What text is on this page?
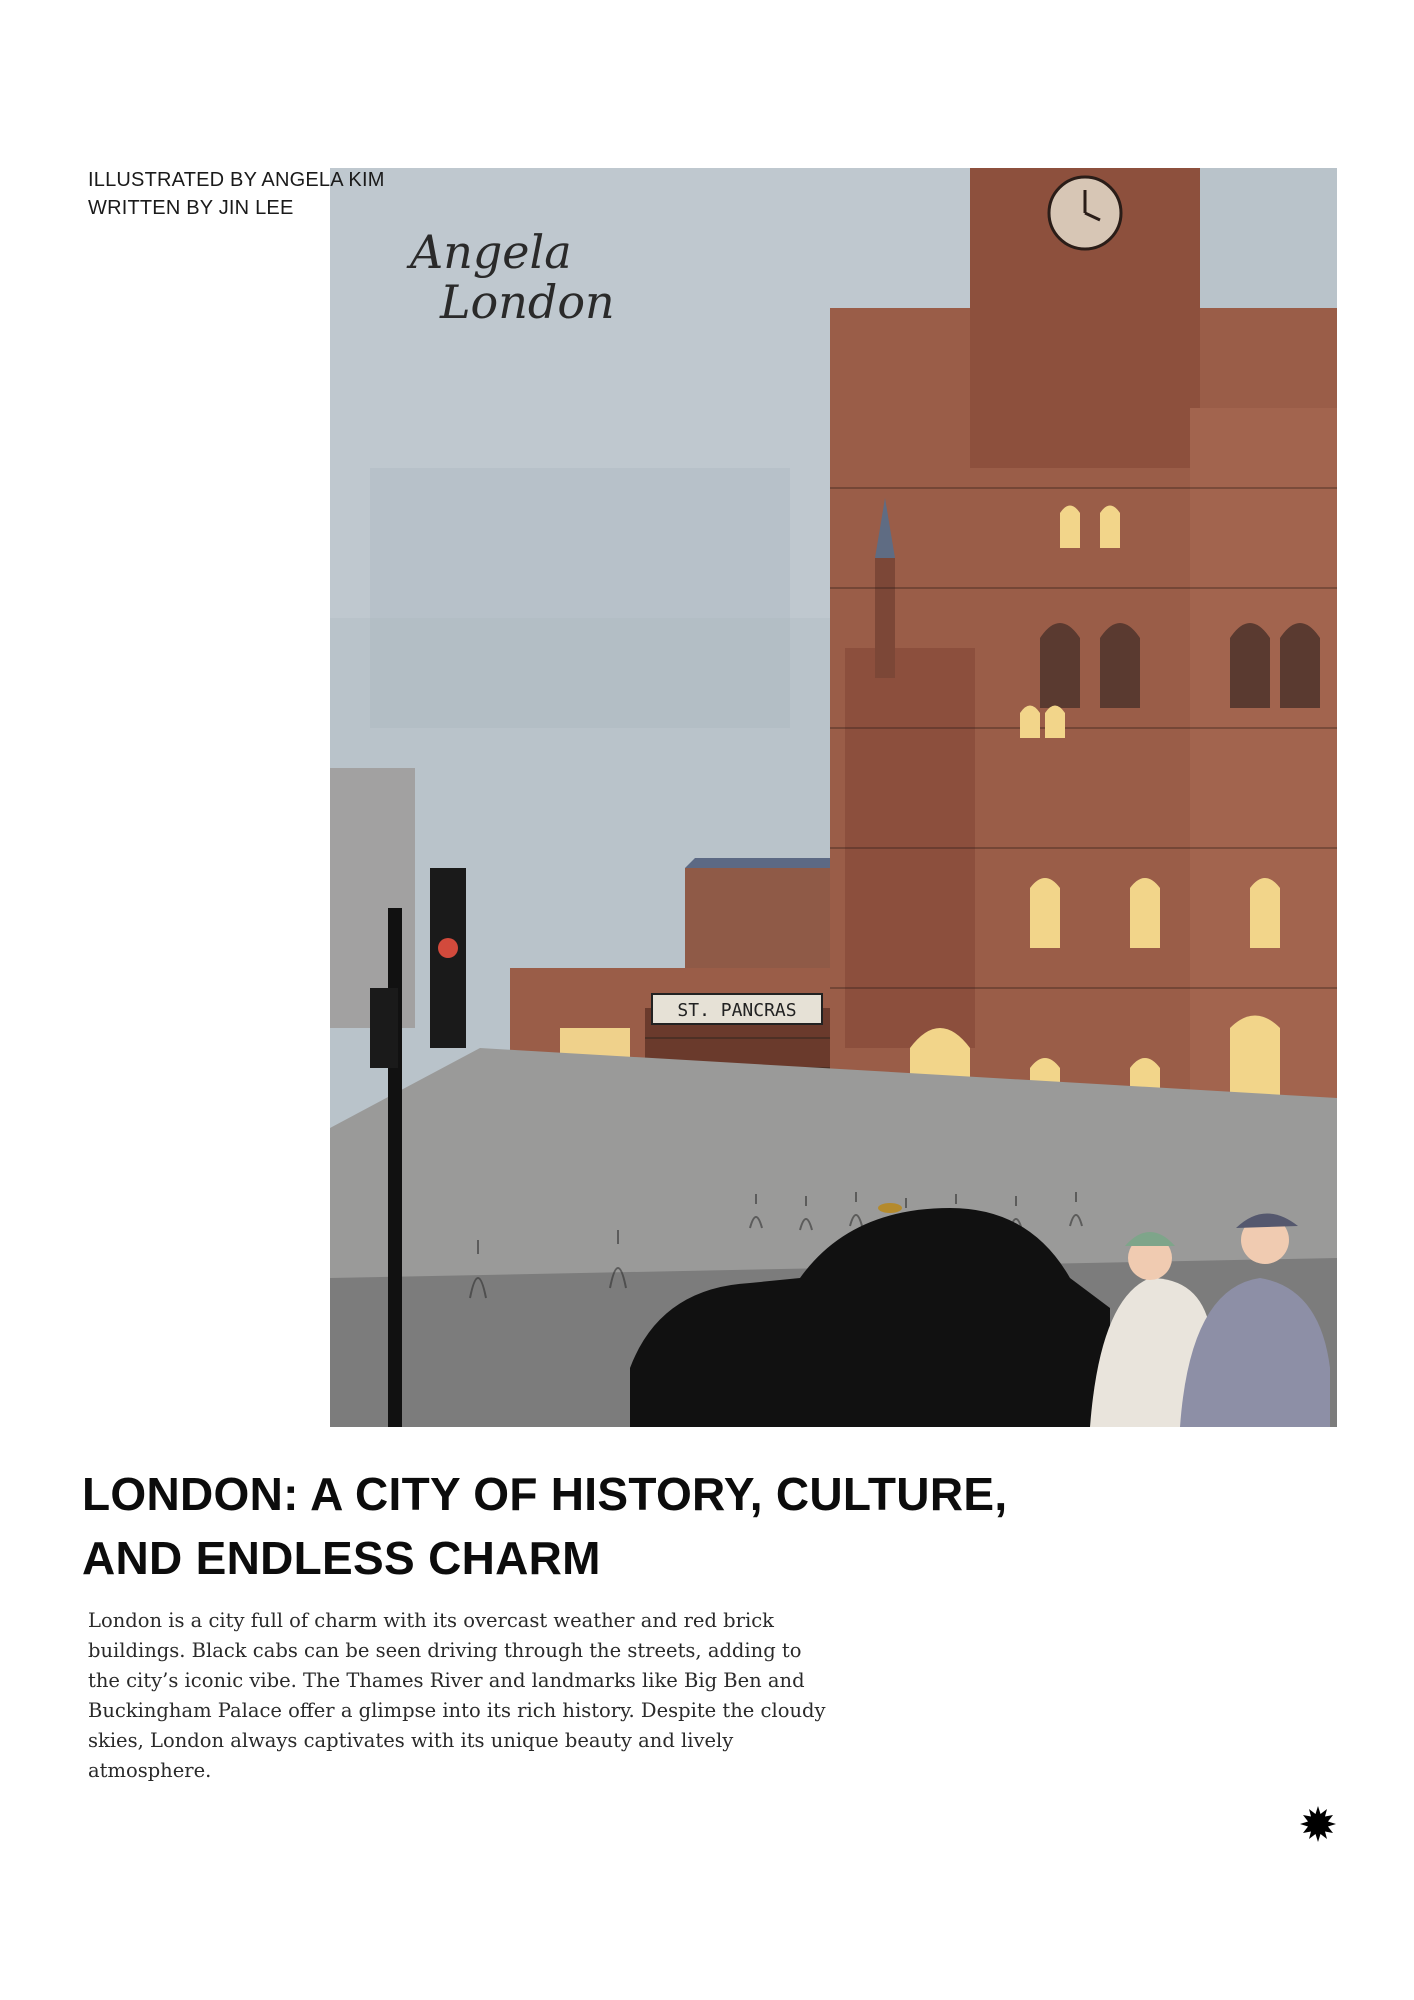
ILLUSTRATED BY ANGELA KIM
WRITTEN BY JIN LEE
ST. PANCRAS
Angela
London
LONDON: A CITY OF HISTORY, CULTURE,
AND ENDLESS CHARM

London is a city full of charm with its overcast weather and red brick
buildings. Black cabs can be seen driving through the streets, adding to
the city’s iconic vibe. The Thames River and landmarks like Big Ben and
Buckingham Palace offer a glimpse into its rich history. Despite the cloudy
skies, London always captivates with its unique beauty and lively
atmosphere.
